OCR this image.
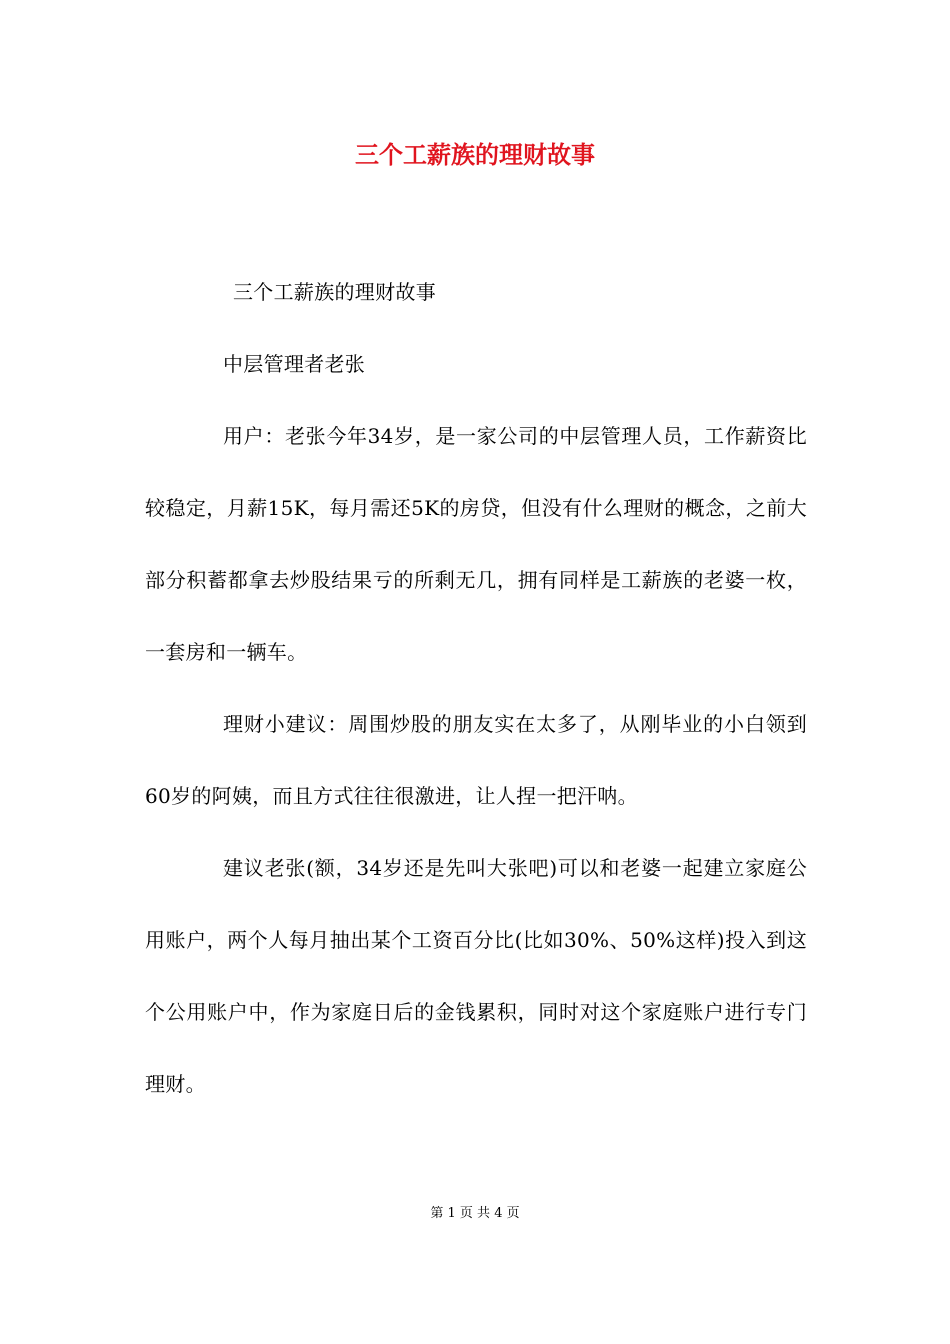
三个工薪族的理财故事

三个工薪族的理财故事

中层管理者老张

用户：老张今年34岁，是一家公司的中层管理人员，工作薪资比较稳定，月薪15K，每月需还5K的房贷，但没有什么理财的概念，之前大部分积蓄都拿去炒股结果亏的所剩无几，拥有同样是工薪族的老婆一枚，一套房和一辆车。

理财小建议：周围炒股的朋友实在太多了，从刚毕业的小白领到60岁的阿姨，而且方式往往很激进，让人捏一把汗呐。

建议老张(额，34岁还是先叫大张吧)可以和老婆一起建立家庭公用账户，两个人每月抽出某个工资百分比(比如30%、50%这样)投入到这个公用账户中，作为家庭日后的金钱累积，同时对这个家庭账户进行专门理财。

第 1 页 共 4 页
